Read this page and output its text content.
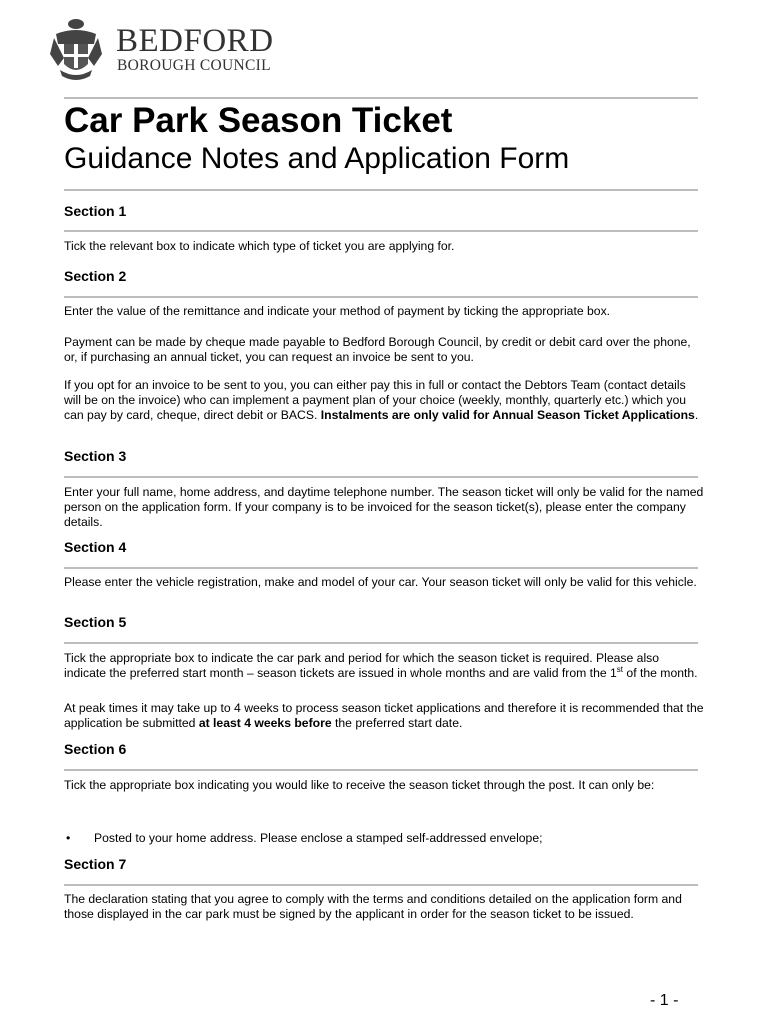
BEDFORD
BOROUGH COUNCIL
Car Park Season Ticket
Guidance Notes and Application Form
Section 1
Tick the relevant box to indicate which type of ticket you are applying for.
Section 2
Enter the value of the remittance and indicate your method of payment by ticking the appropriate box.
Payment can be made by cheque made payable to Bedford Borough Council, by credit or debit card over the phone, or, if purchasing an annual ticket, you can request an invoice be sent to you.
If you opt for an invoice to be sent to you, you can either pay this in full or contact the Debtors Team (contact details will be on the invoice) who can implement a payment plan of your choice (weekly, monthly, quarterly etc.) which you can pay by card, cheque, direct debit or BACS. Instalments are only valid for Annual Season Ticket Applications.
Section 3
Enter your full name, home address, and daytime telephone number. The season ticket will only be valid for the named person on the application form. If your company is to be invoiced for the season ticket(s), please enter the company details.
Section 4
Please enter the vehicle registration, make and model of your car. Your season ticket will only be valid for this vehicle.
Section 5
Tick the appropriate box to indicate the car park and period for which the season ticket is required. Please also indicate the preferred start month – season tickets are issued in whole months and are valid from the 1st of the month.
At peak times it may take up to 4 weeks to process season ticket applications and therefore it is recommended that the application be submitted at least 4 weeks before the preferred start date.
Section 6
Tick the appropriate box indicating you would like to receive the season ticket through the post. It can only be:
• Posted to your home address. Please enclose a stamped self-addressed envelope;
Section 7
The declaration stating that you agree to comply with the terms and conditions detailed on the application form and those displayed in the car park must be signed by the applicant in order for the season ticket to be issued.
- 1 -
